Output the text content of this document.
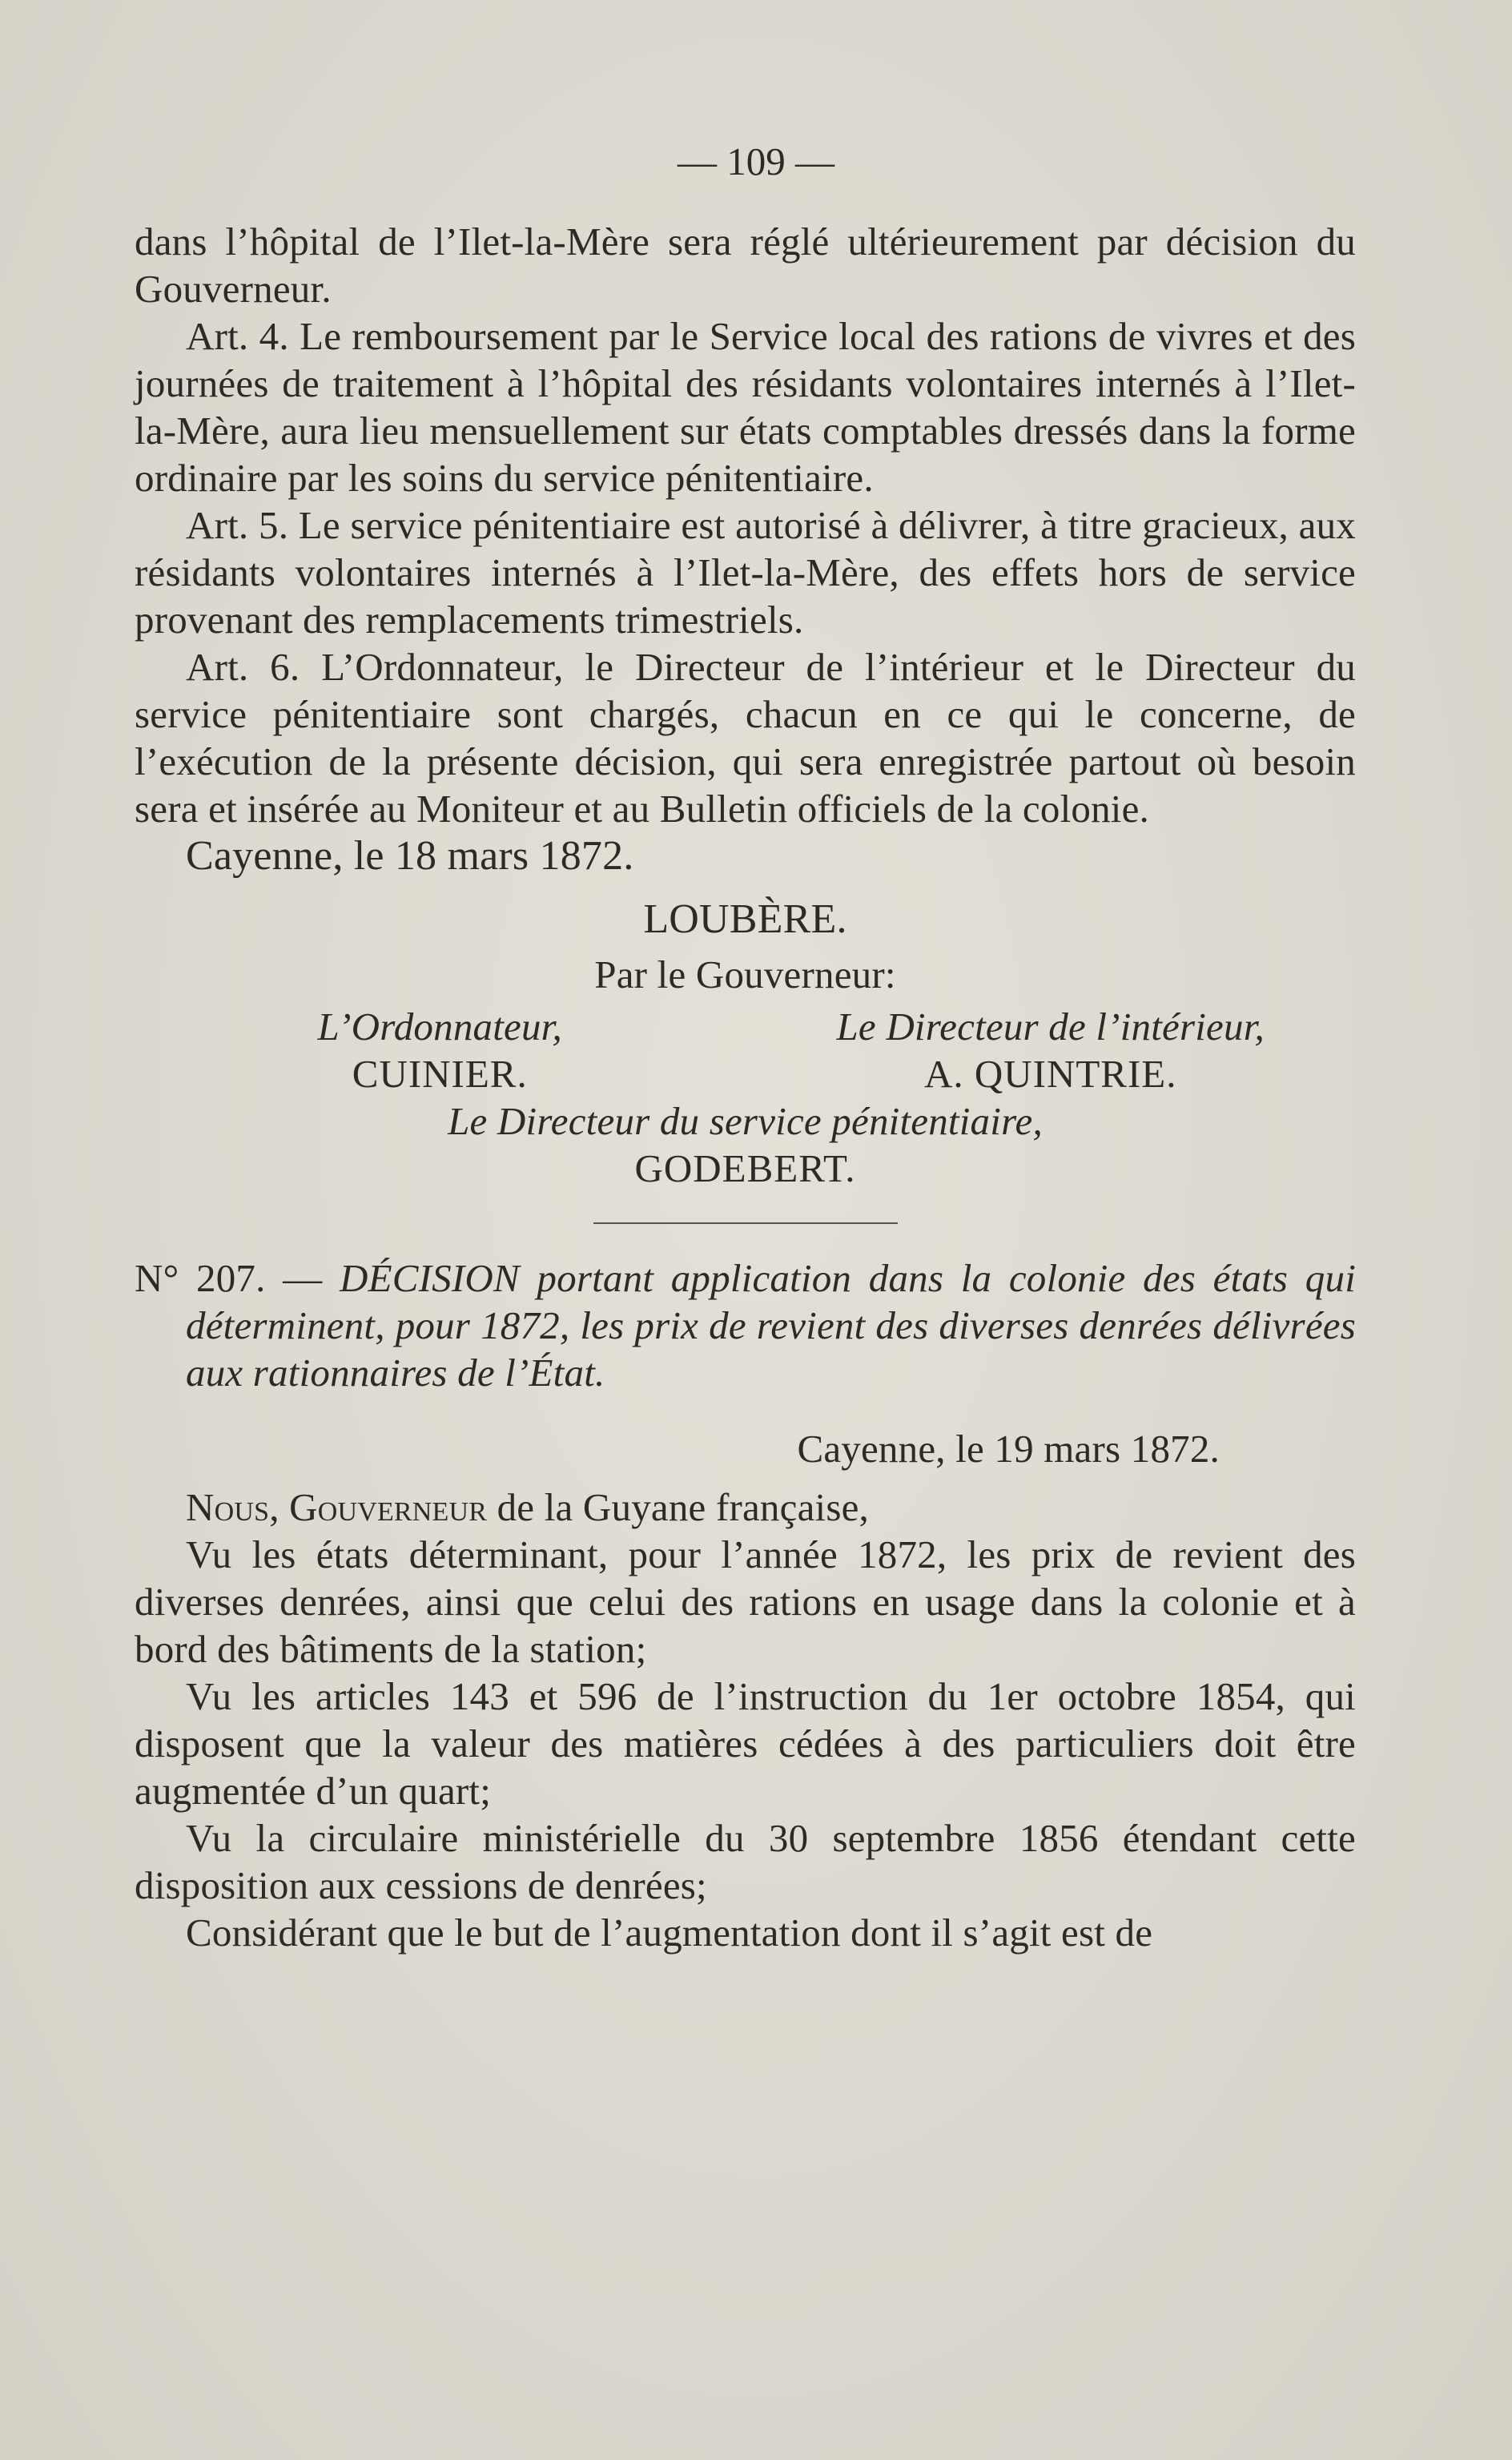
— 109 —

dans l’hôpital de l’Ilet-la-Mère sera réglé ultérieurement par décision du Gouverneur.

Art. 4. Le remboursement par le Service local des rations de vivres et des journées de traitement à l’hôpital des résidants volontaires internés à l’Ilet-la-Mère, aura lieu mensuellement sur états comptables dressés dans la forme ordinaire par les soins du service pénitentiaire.

Art. 5. Le service pénitentiaire est autorisé à délivrer, à titre gracieux, aux résidants volontaires internés à l’Ilet-la-Mère, des effets hors de service provenant des remplacements trimestriels.

Art. 6. L’Ordonnateur, le Directeur de l’intérieur et le Directeur du service pénitentiaire sont chargés, chacun en ce qui le concerne, de l’exécution de la présente décision, qui sera enregistrée partout où besoin sera et insérée au Moniteur et au Bulletin officiels de la colonie.

Cayenne, le 18 mars 1872.

LOUBÈRE.

Par le Gouverneur:

L’Ordonnateur,

CUINIER.

Le Directeur de l’intérieur,

A. QUINTRIE.

Le Directeur du service pénitentiaire,

GODEBERT.

N° 207. — DÉCISION portant application dans la colonie des états qui déterminent, pour 1872, les prix de revient des diverses denrées délivrées aux rationnaires de l’État.

Cayenne, le 19 mars 1872.

Nous, Gouverneur de la Guyane française,

Vu les états déterminant, pour l’année 1872, les prix de revient des diverses denrées, ainsi que celui des rations en usage dans la colonie et à bord des bâtiments de la station;

Vu les articles 143 et 596 de l’instruction du 1er octobre 1854, qui disposent que la valeur des matières cédées à des particuliers doit être augmentée d’un quart;

Vu la circulaire ministérielle du 30 septembre 1856 étendant cette disposition aux cessions de denrées;

Considérant que le but de l’augmentation dont il s’agit est de
